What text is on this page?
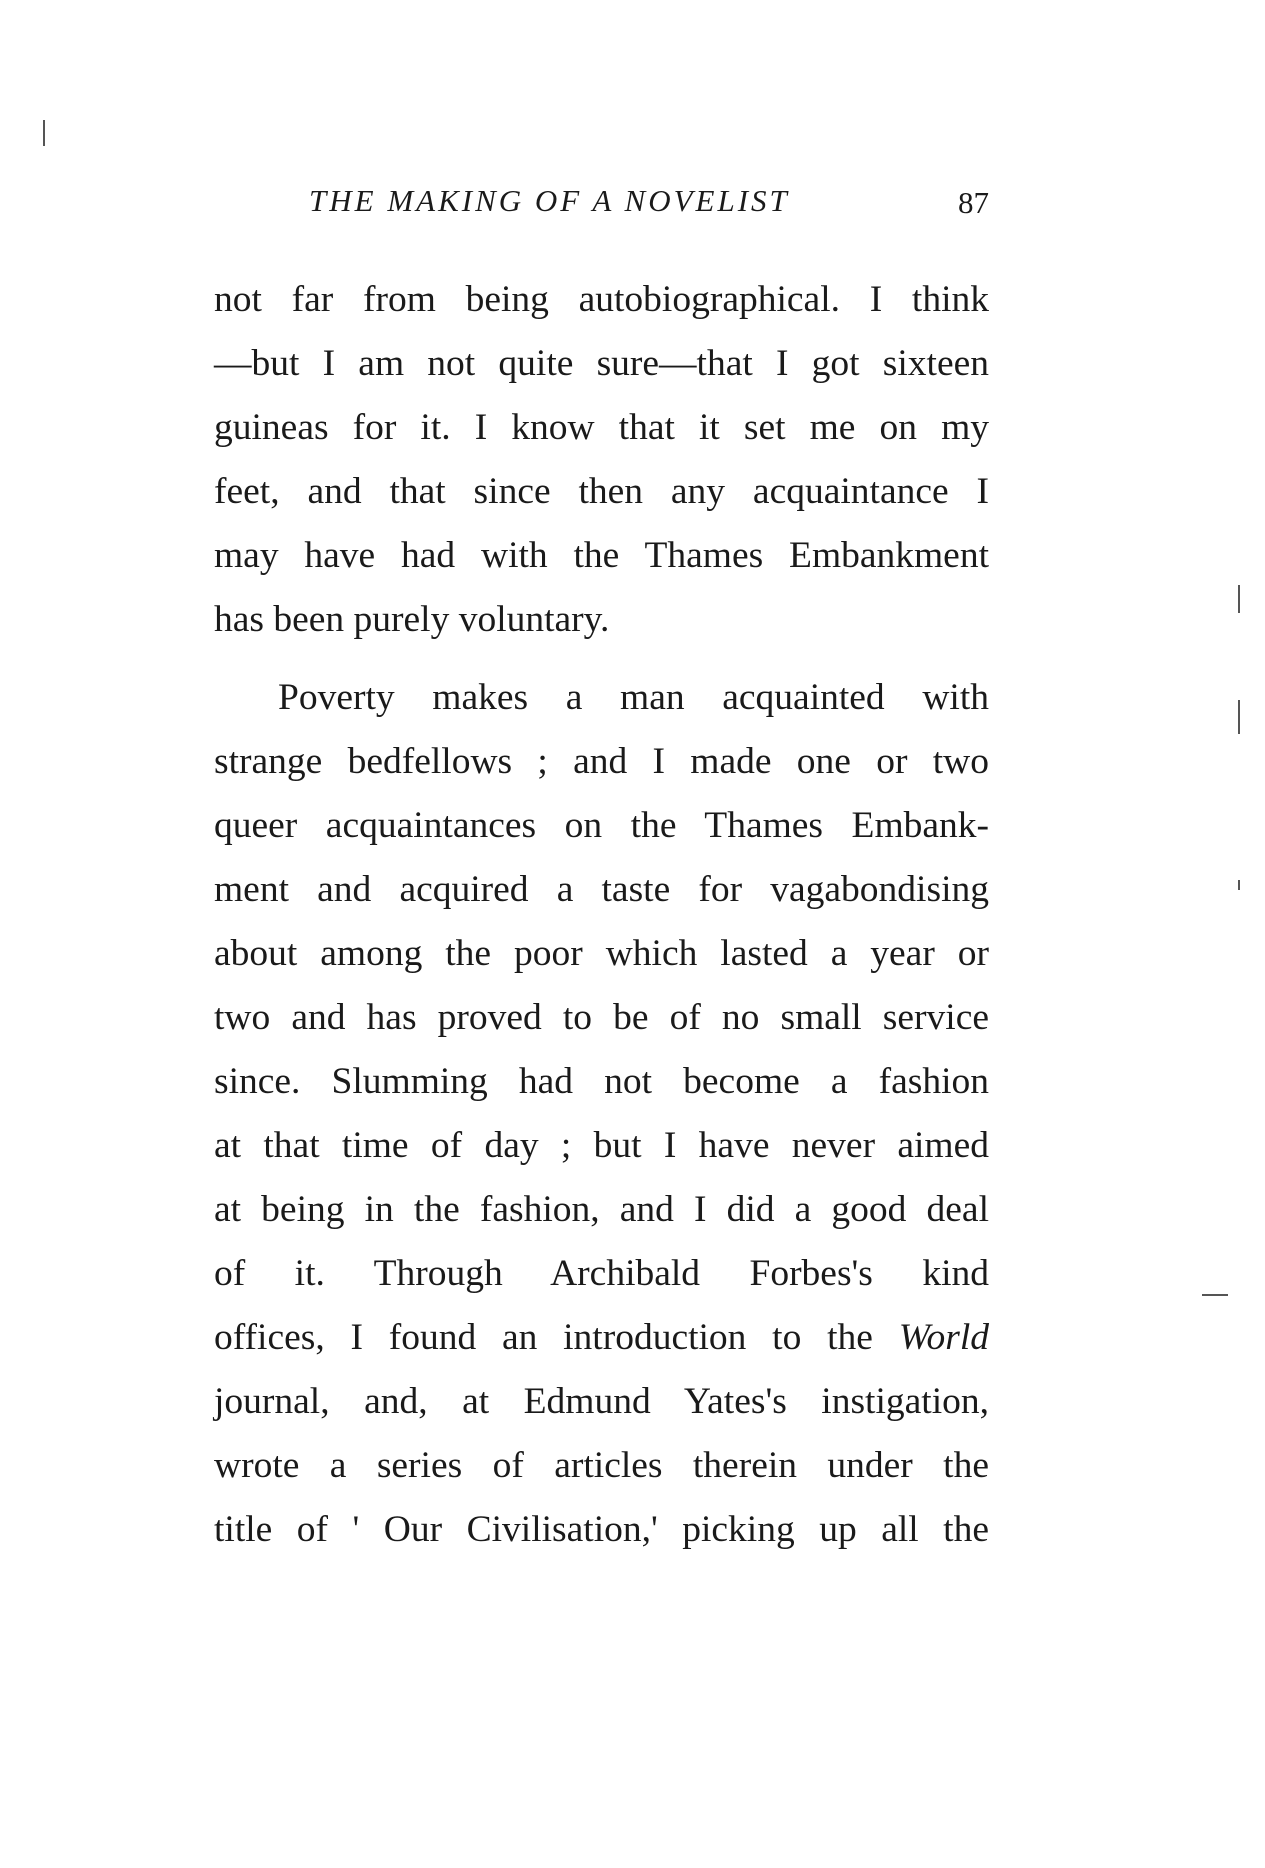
THE MAKING OF A NOVELIST	87
not far from being autobiographical. I think
—but I am not quite sure—that I got sixteen
guineas for it. I know that it set me on my
feet, and that since then any acquaintance I
may have had with the Thames Embankment
has been purely voluntary.
Poverty makes a man acquainted with
strange bedfellows ; and I made one or two
queer acquaintances on the Thames Embank-
ment and acquired a taste for vagabondising
about among the poor which lasted a year or
two and has proved to be of no small service
since. Slumming had not become a fashion
at that time of day ; but I have never aimed
at being in the fashion, and I did a good deal
of it. Through Archibald Forbes's kind
offices, I found an introduction to the World
journal, and, at Edmund Yates's instigation,
wrote a series of articles therein under the
title of ' Our Civilisation,' picking up all the
